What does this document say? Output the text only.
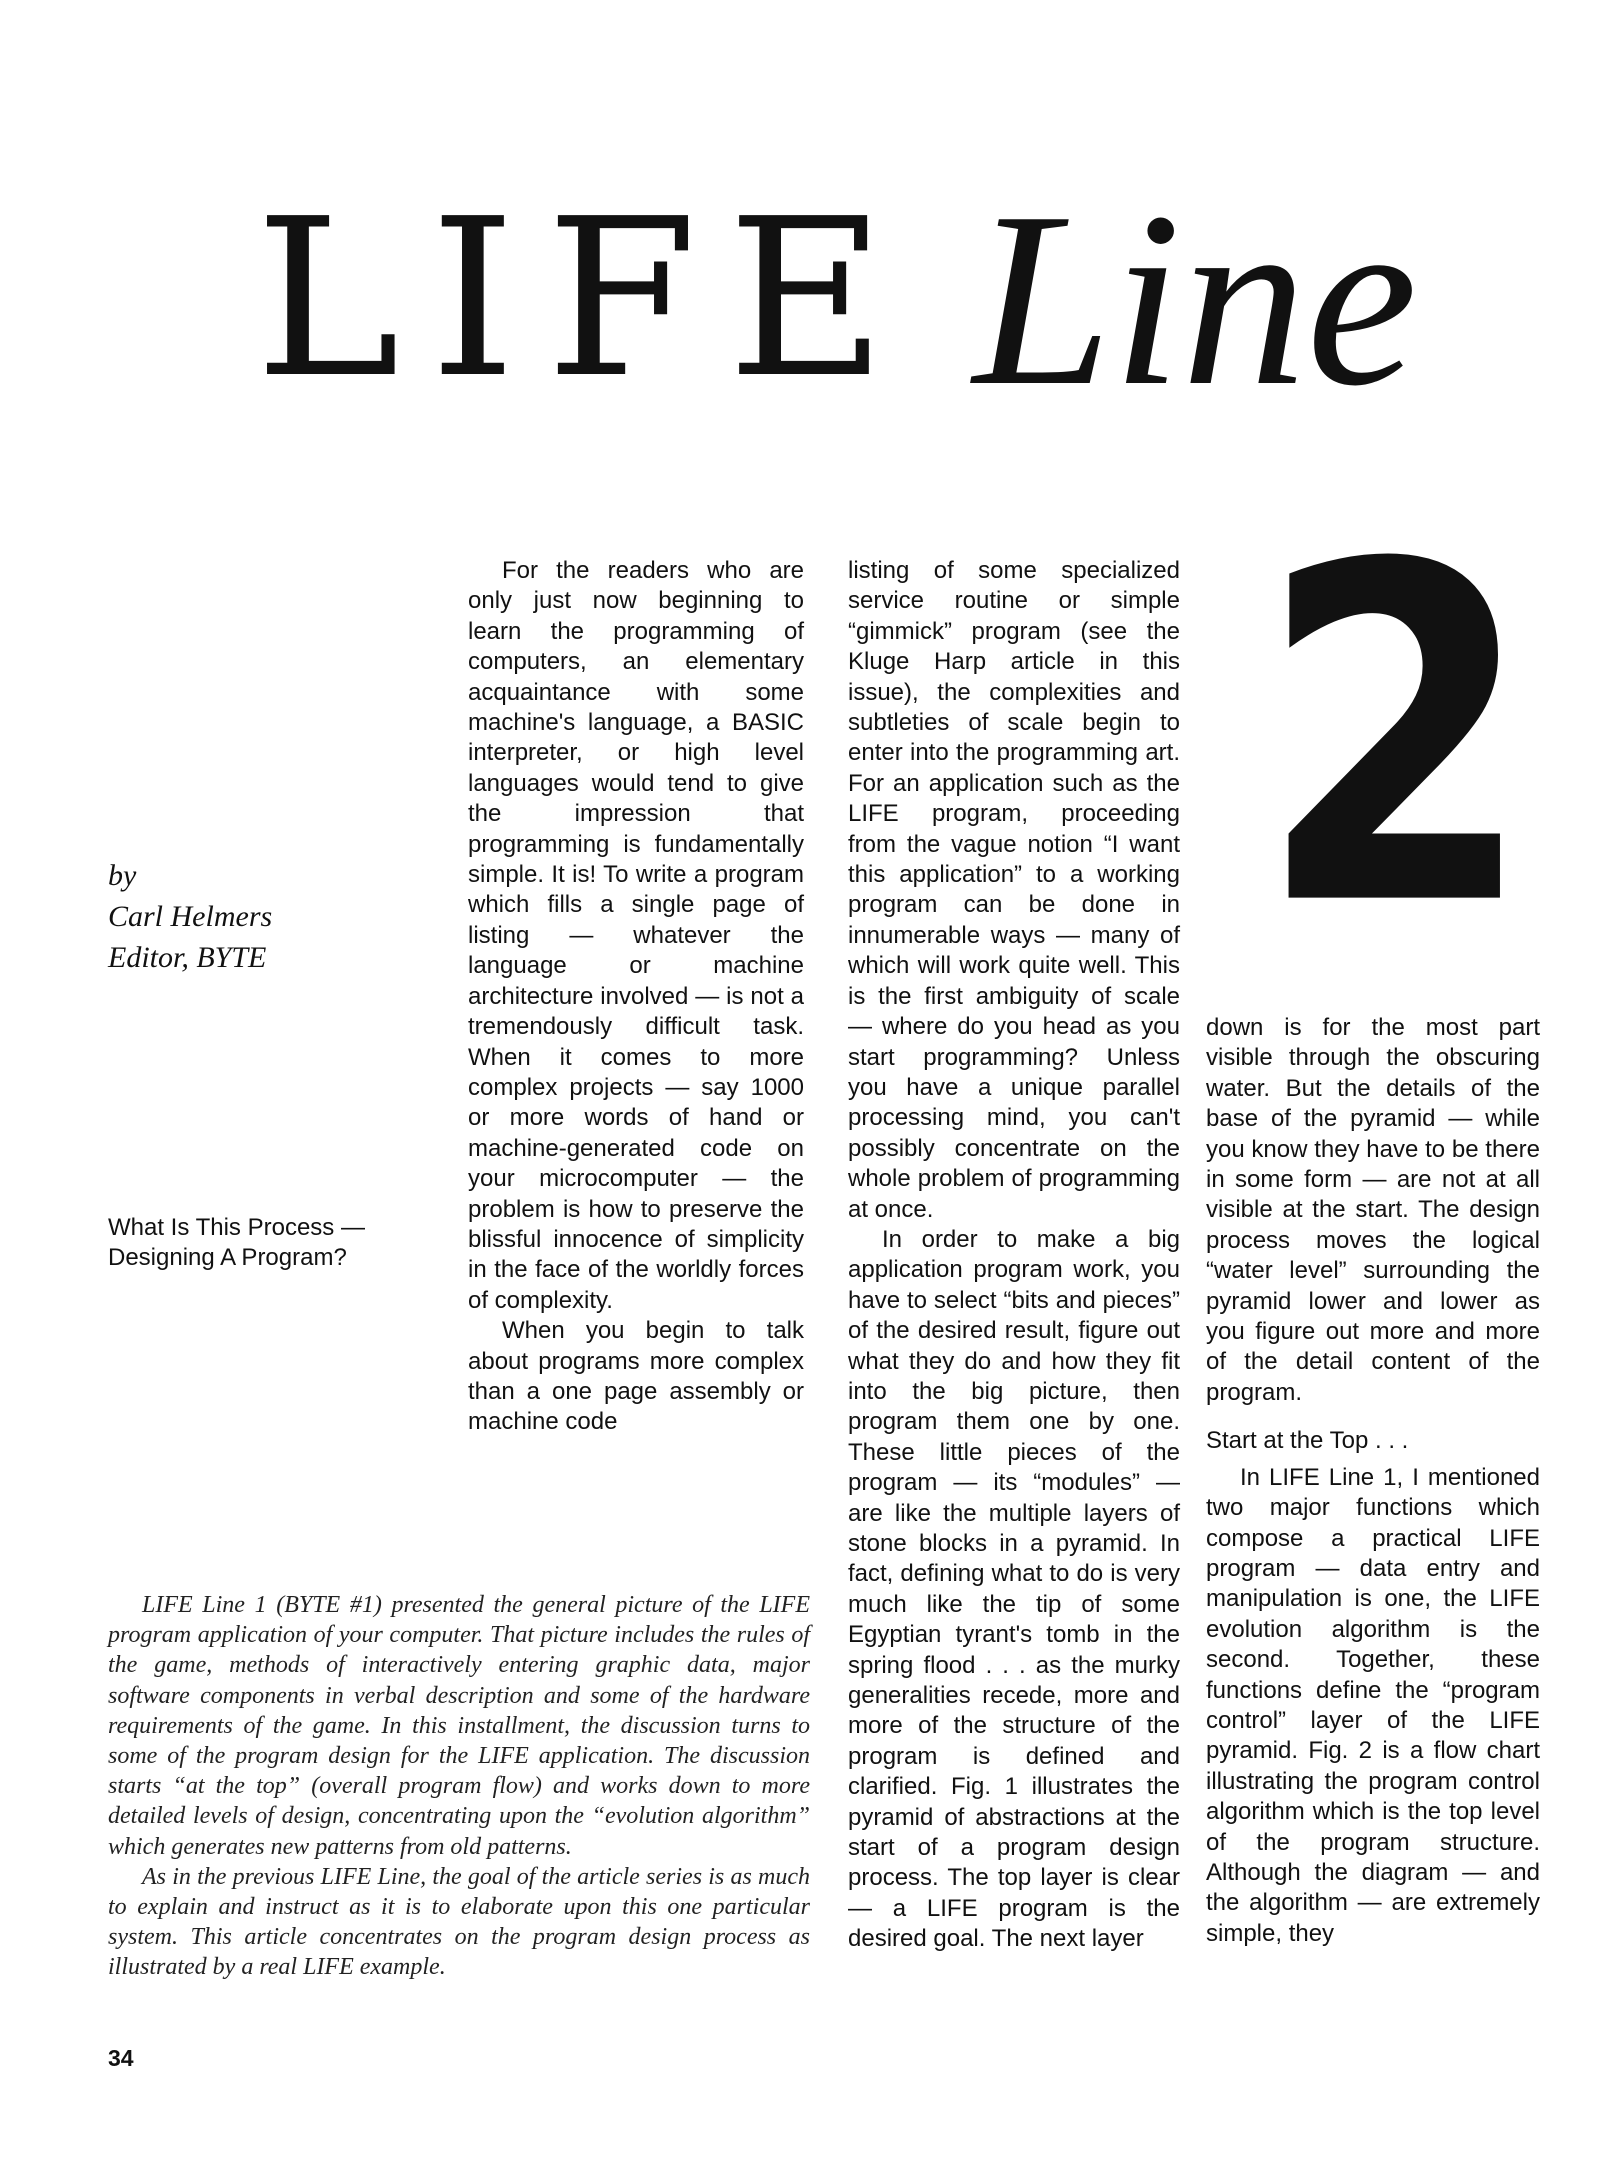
LIFE Line
2
by
Carl Helmers
Editor, BYTE
What Is This Process — Designing A Program?

For the readers who are only just now beginning to learn the programming of computers, an elementary acquaintance with some machine's language, a BASIC interpreter, or high level languages would tend to give the impression that programming is fundamentally simple. It is! To write a program which fills a single page of listing — whatever the language or machine architecture involved — is not a tremendously difficult task. When it comes to more complex projects — say 1000 or more words of hand or machine-generated code on your microcomputer — the problem is how to preserve the blissful innocence of simplicity in the face of the worldly forces of complexity.

When you begin to talk about programs more complex than a one page assembly or machine code

listing of some specialized service routine or simple “gimmick” program (see the Kluge Harp article in this issue), the complexities and subtleties of scale begin to enter into the programming art. For an application such as the LIFE program, proceeding from the vague notion “I want this application” to a working program can be done in innumerable ways — many of which will work quite well. This is the first ambiguity of scale — where do you head as you start programming? Unless you have a unique parallel processing mind, you can't possibly concentrate on the whole problem of programming at once.

In order to make a big application program work, you have to select “bits and pieces” of the desired result, figure out what they do and how they fit into the big picture, then program them one by one. These little pieces of the program — its “modules” — are like the multiple layers of stone blocks in a pyramid. In fact, defining what to do is very much like the tip of some Egyptian tyrant's tomb in the spring flood . . . as the murky generalities recede, more and more of the structure of the program is defined and clarified. Fig. 1 illustrates the pyramid of abstractions at the start of a program design process. The top layer is clear — a LIFE program is the desired goal. The next layer

down is for the most part visible through the obscuring water. But the details of the base of the pyramid — while you know they have to be there in some form — are not at all visible at the start. The design process moves the logical “water level” surrounding the pyramid lower and lower as you figure out more and more of the detail content of the program.

Start at the Top . . .

In LIFE Line 1, I mentioned two major functions which compose a practical LIFE program — data entry and manipulation is one, the LIFE evolution algorithm is the second. Together, these functions define the “program control” layer of the LIFE pyramid. Fig. 2 is a flow chart illustrating the program control algorithm which is the top level of the program structure. Although the diagram — and the algorithm — are extremely simple, they

LIFE Line 1 (BYTE #1) presented the general picture of the LIFE program application of your computer. That picture includes the rules of the game, methods of interactively entering graphic data, major software components in verbal description and some of the hardware requirements of the game. In this installment, the discussion turns to some of the program design for the LIFE application. The discussion starts “at the top” (overall program flow) and works down to more detailed levels of design, concentrating upon the “evolution algorithm” which generates new patterns from old patterns.

As in the previous LIFE Line, the goal of the article series is as much to explain and instruct as it is to elaborate upon this one particular system. This article concentrates on the program design process as illustrated by a real LIFE example.

34
